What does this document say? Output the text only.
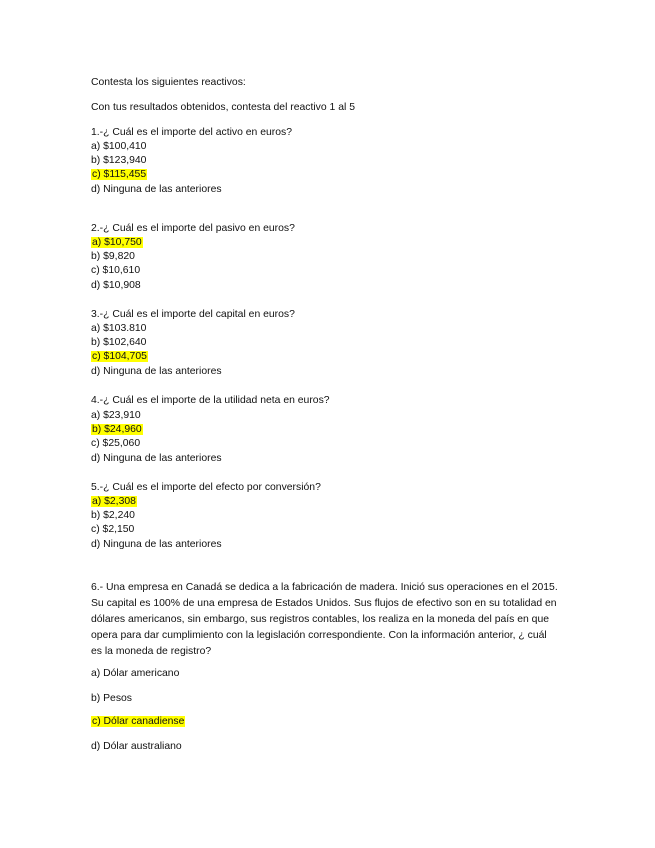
Contesta los siguientes reactivos:
Con tus resultados obtenidos, contesta del reactivo 1 al 5
1.-¿ Cuál es el importe del activo en euros?
a) $100,410
b) $123,940
c) $115,455
d) Ninguna de las anteriores
2.-¿ Cuál es el importe del pasivo en euros?
a) $10,750
b) $9,820
c) $10,610
d) $10,908
3.-¿ Cuál es el importe del capital en euros?
a) $103.810
b) $102,640
c) $104,705
d) Ninguna de las anteriores
4.-¿ Cuál es el importe de la utilidad neta en euros?
a) $23,910
b) $24,960
c) $25,060
d) Ninguna de las anteriores
5.-¿ Cuál es el importe del efecto por conversión?
a) $2,308
b) $2,240
c) $2,150
d) Ninguna de las anteriores
6.- Una empresa en Canadá se dedica a la fabricación de madera. Inició sus operaciones en el 2015.
Su capital es 100% de una empresa de Estados Unidos. Sus flujos de efectivo son en su totalidad en
dólares americanos, sin embargo, sus registros contables, los realiza en la moneda del país en que
opera para dar cumplimiento con la legislación correspondiente. Con la información anterior, ¿ cuál
es la moneda de registro?
a) Dólar americano
b) Pesos
c) Dólar canadiense
d) Dólar australiano
